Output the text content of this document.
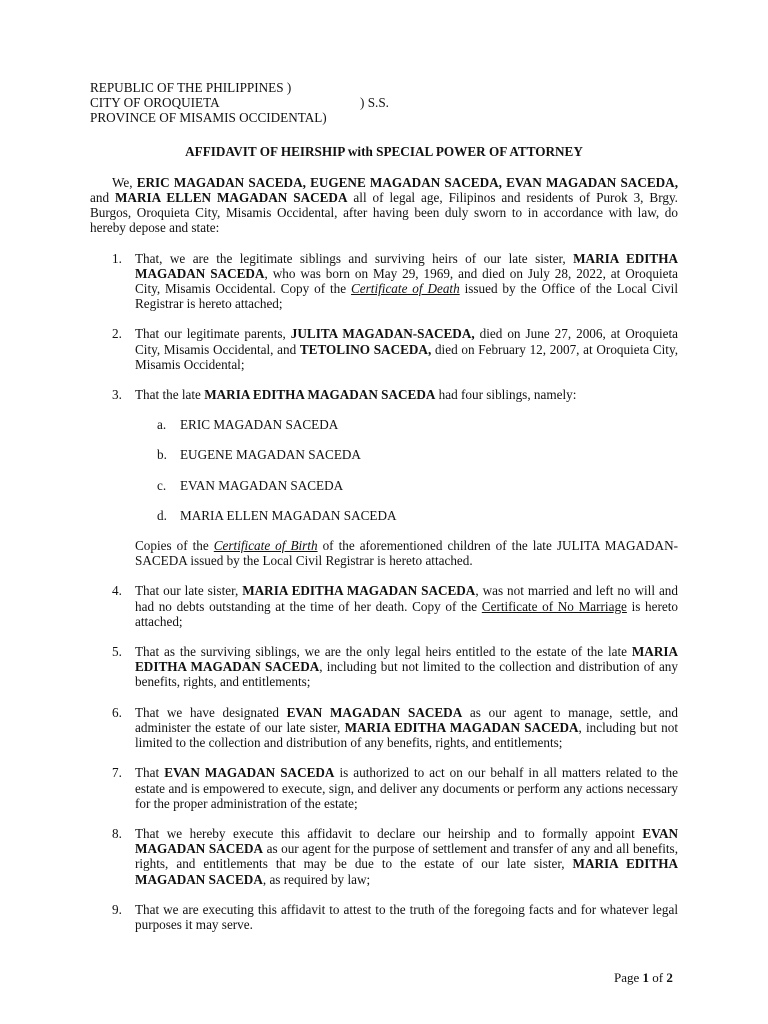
REPUBLIC OF THE PHILIPPINES )
CITY OF OROQUIETA	) S.S.
PROVINCE OF MISAMIS OCCIDENTAL)
AFFIDAVIT OF HEIRSHIP with SPECIAL POWER OF ATTORNEY

We, ERIC MAGADAN SACEDA, EUGENE MAGADAN SACEDA, EVAN MAGADAN SACEDA, and MARIA ELLEN MAGADAN SACEDA all of legal age, Filipinos and residents of Purok 3, Brgy. Burgos, Oroquieta City, Misamis Occidental, after having been duly sworn to in accordance with law, do hereby depose and state:

1. That, we are the legitimate siblings and surviving heirs of our late sister, MARIA EDITHA MAGADAN SACEDA, who was born on May 29, 1969, and died on July 28, 2022, at Oroquieta City, Misamis Occidental. Copy of the Certificate of Death issued by the Office of the Local Civil Registrar is hereto attached;
2. That our legitimate parents, JULITA MAGADAN-SACEDA, died on June 27, 2006, at Oroquieta City, Misamis Occidental, and TETOLINO SACEDA, died on February 12, 2007, at Oroquieta City, Misamis Occidental;
3. That the late MARIA EDITHA MAGADAN SACEDA had four siblings, namely:
a. ERIC MAGADAN SACEDA
b. EUGENE MAGADAN SACEDA
c. EVAN MAGADAN SACEDA
d. MARIA ELLEN MAGADAN SACEDA
Copies of the Certificate of Birth of the aforementioned children of the late JULITA MAGADAN-SACEDA issued by the Local Civil Registrar is hereto attached.
4. That our late sister, MARIA EDITHA MAGADAN SACEDA, was not married and left no will and had no debts outstanding at the time of her death. Copy of the Certificate of No Marriage is hereto attached;
5. That as the surviving siblings, we are the only legal heirs entitled to the estate of the late MARIA EDITHA MAGADAN SACEDA, including but not limited to the collection and distribution of any benefits, rights, and entitlements;
6. That we have designated EVAN MAGADAN SACEDA as our agent to manage, settle, and administer the estate of our late sister, MARIA EDITHA MAGADAN SACEDA, including but not limited to the collection and distribution of any benefits, rights, and entitlements;
7. That EVAN MAGADAN SACEDA is authorized to act on our behalf in all matters related to the estate and is empowered to execute, sign, and deliver any documents or perform any actions necessary for the proper administration of the estate;
8. That we hereby execute this affidavit to declare our heirship and to formally appoint EVAN MAGADAN SACEDA as our agent for the purpose of settlement and transfer of any and all benefits, rights, and entitlements that may be due to the estate of our late sister, MARIA EDITHA MAGADAN SACEDA, as required by law;
9. That we are executing this affidavit to attest to the truth of the foregoing facts and for whatever legal purposes it may serve.
Page 1 of 2
